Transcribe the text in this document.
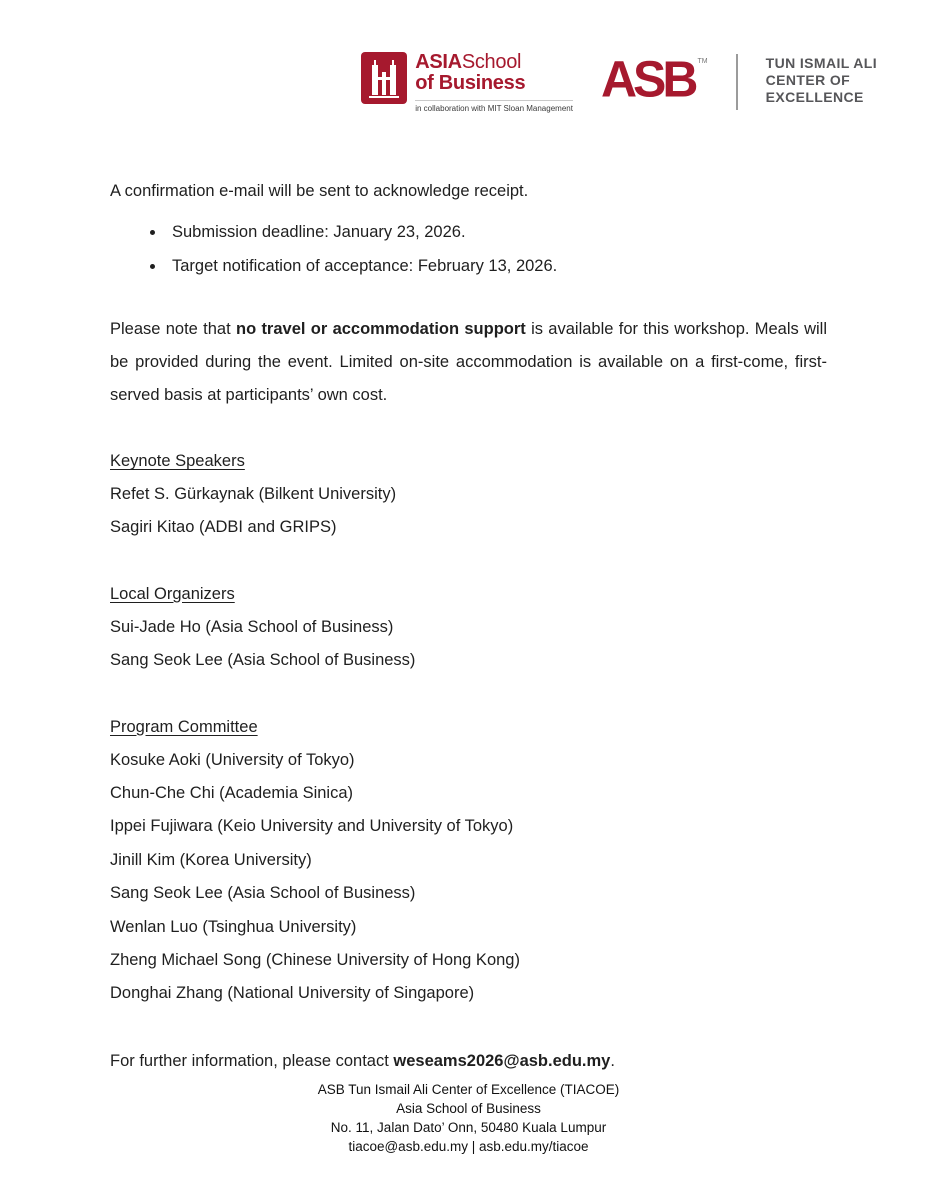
ASIASchool
of Business
in collaboration with MIT Sloan Management
ASB TM	TUN ISMAIL ALI
CENTER OF
EXCELLENCE

A confirmation e-mail will be sent to acknowledge receipt.

• Submission deadline: January 23, 2026.
• Target notification of acceptance: February 13, 2026.

Please note that no travel or accommodation support is available for this workshop. Meals will be provided during the event. Limited on-site accommodation is available on a first-come, first-served basis at participants’ own cost.

Keynote Speakers

Refet S. Gürkaynak (Bilkent University)

Sagiri Kitao (ADBI and GRIPS)

Local Organizers

Sui-Jade Ho (Asia School of Business)

Sang Seok Lee (Asia School of Business)

Program Committee

Kosuke Aoki (University of Tokyo)

Chun-Che Chi (Academia Sinica)

Ippei Fujiwara (Keio University and University of Tokyo)

Jinill Kim (Korea University)

Sang Seok Lee (Asia School of Business)

Wenlan Luo (Tsinghua University)

Zheng Michael Song (Chinese University of Hong Kong)

Donghai Zhang (National University of Singapore)

For further information, please contact weseams2026@asb.edu.my.

ASB Tun Ismail Ali Center of Excellence (TIACOE)
Asia School of Business
No. 11, Jalan Dato’ Onn, 50480 Kuala Lumpur
tiacoe@asb.edu.my | asb.edu.my/tiacoe
